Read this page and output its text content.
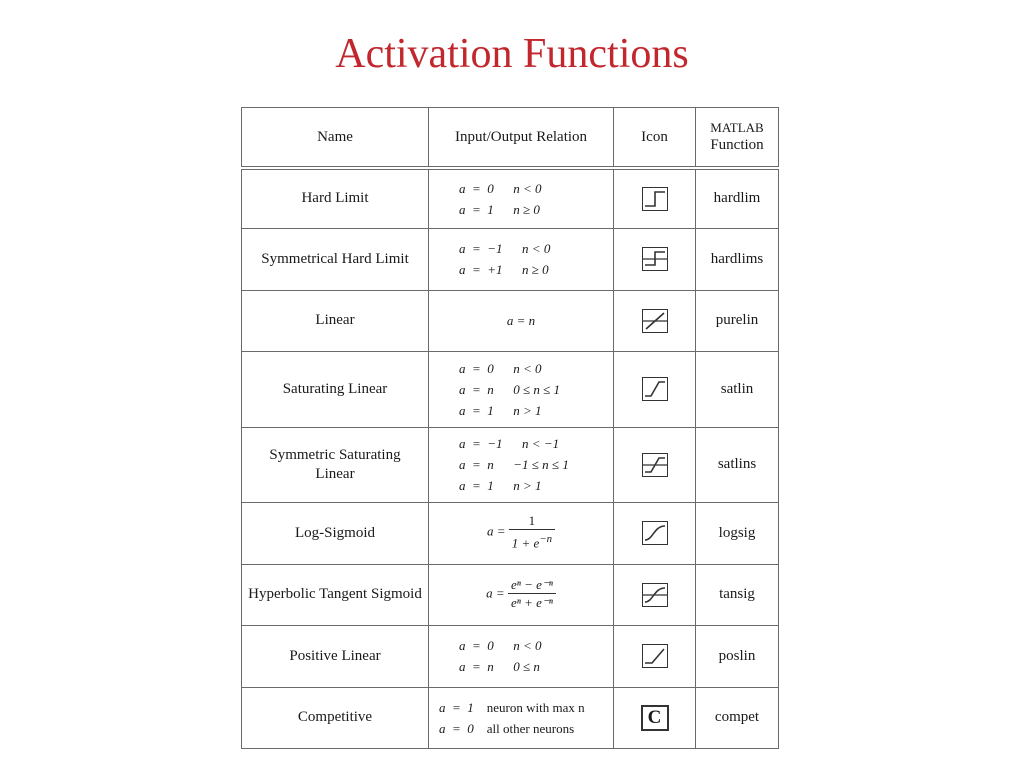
Activation Functions
Name	Input/Output Relation	Icon	MATLAB
Function

Hard Limit	a  =  0      n < 0
a  =  1      n ≥ 0		hardlim
Symmetrical Hard Limit	a  =  −1      n < 0
a  =  +1      n ≥ 0		hardlims
Linear	a = n		purelin
Saturating Linear	a  =  0      n < 0
a  =  n      0 ≤ n ≤ 1
a  =  1      n > 1		satlin
Symmetric Saturating Linear	a  =  −1      n < −1
a  =  n      −1 ≤ n ≤ 1
a  =  1      n > 1		satlins
Log-Sigmoid	$a = \frac{1}{1 + e^{-n}}$		logsig
Hyperbolic Tangent Sigmoid	$a = \frac{\text{eⁿ − e⁻ⁿ}}{\text{eⁿ + e⁻ⁿ}}$		tansig
Positive Linear	a  =  0      n < 0
a  =  n      0 ≤ n		poslin
Competitive	a  =  1 neuron with max n
a  =  0 all other neurons	C	compet
